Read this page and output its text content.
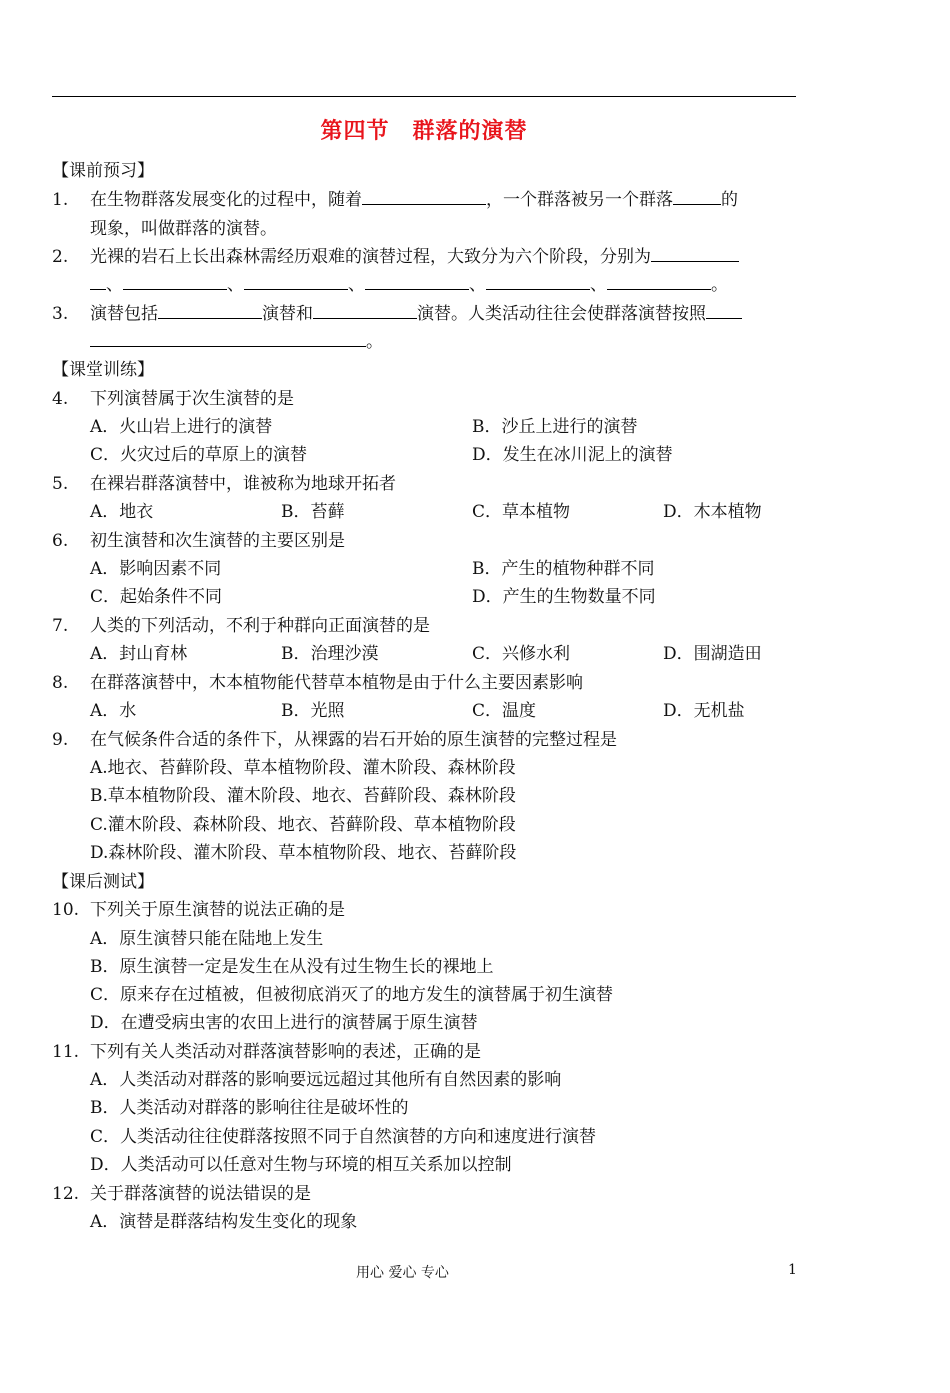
第四节　群落的演替
【课前预习】
1. 在生物群落发展变化的过程中，随着	，一个群落被另一个群落	的
现象，叫做群落的演替。
2. 光裸的岩石上长出森林需经历艰难的演替过程，大致分为六个阶段，分别为
、	、	、	、	、	。
3. 演替包括	演替和	演替。人类活动往往会使群落演替按照
。
【课堂训练】
4. 下列演替属于次生演替的是
A．火山岩上进行的演替	B．沙丘上进行的演替
C．火灾过后的草原上的演替	D．发生在冰川泥上的演替
5. 在裸岩群落演替中，谁被称为地球开拓者
A．地衣	B．苔藓	C．草本植物	D．木本植物
6. 初生演替和次生演替的主要区别是
A．影响因素不同	B．产生的植物种群不同
C．起始条件不同	D．产生的生物数量不同
7. 人类的下列活动，不利于种群向正面演替的是
A．封山育林	B．治理沙漠	C．兴修水利	D．围湖造田
8. 在群落演替中，木本植物能代替草本植物是由于什么主要因素影响
A．水	B．光照	C．温度	D．无机盐
9. 在气候条件合适的条件下，从裸露的岩石开始的原生演替的完整过程是
A.地衣、苔藓阶段、草本植物阶段、灌木阶段、森林阶段
B.草本植物阶段、灌木阶段、地衣、苔藓阶段、森林阶段
C.灌木阶段、森林阶段、地衣、苔藓阶段、草本植物阶段
D.森林阶段、灌木阶段、草本植物阶段、地衣、苔藓阶段
【课后测试】
10. 下列关于原生演替的说法正确的是
A．原生演替只能在陆地上发生
B．原生演替一定是发生在从没有过生物生长的裸地上
C．原来存在过植被，但被彻底消灭了的地方发生的演替属于初生演替
D．在遭受病虫害的农田上进行的演替属于原生演替
11. 下列有关人类活动对群落演替影响的表述，正确的是
A．人类活动对群落的影响要远远超过其他所有自然因素的影响
B．人类活动对群落的影响往往是破坏性的
C．人类活动往往使群落按照不同于自然演替的方向和速度进行演替
D．人类活动可以任意对生物与环境的相互关系加以控制
12. 关于群落演替的说法错误的是
A．演替是群落结构发生变化的现象
用心 爱心 专心	1
